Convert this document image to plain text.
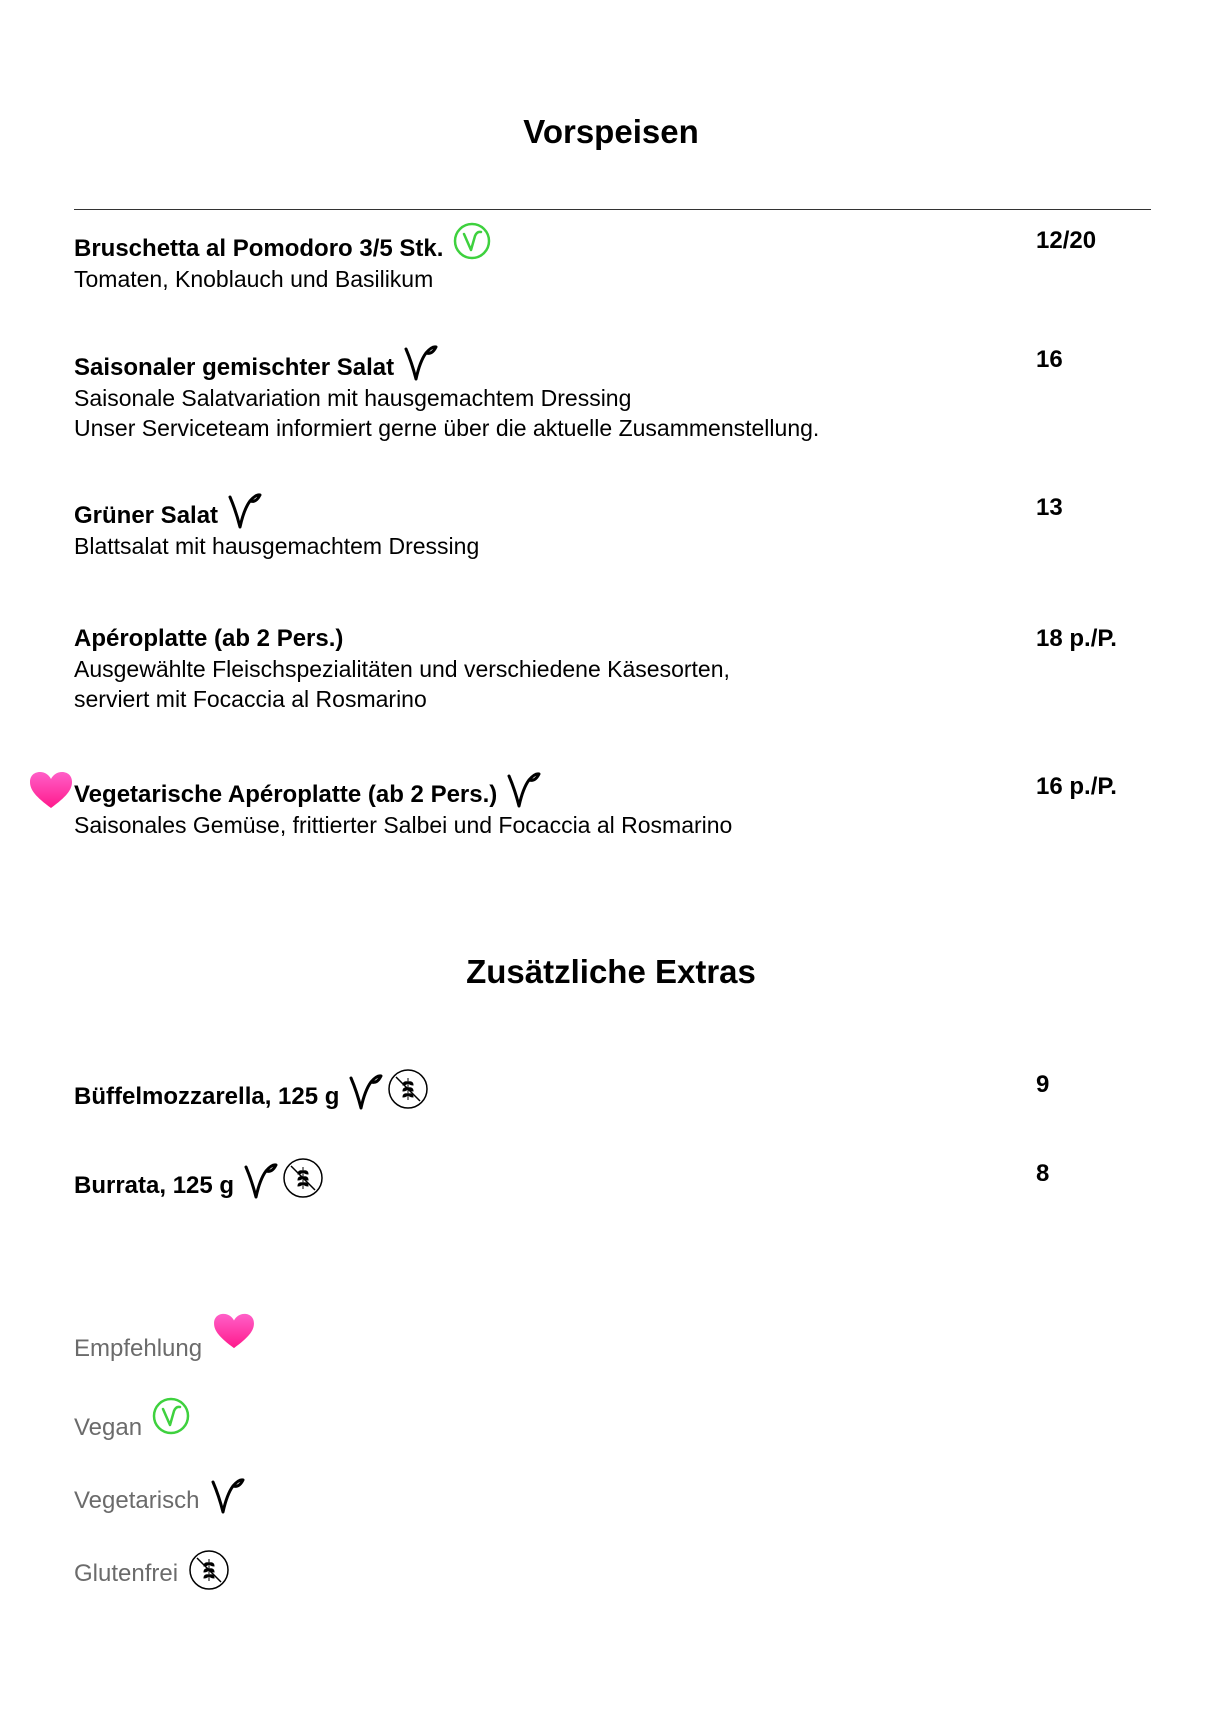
Vorspeisen
Bruschetta al Pomodoro 3/5 Stk.
Tomaten, Knoblauch und Basilikum
12/20
Saisonaler gemischter Salat
Saisonale Salatvariation mit hausgemachtem Dressing
Unser Serviceteam informiert gerne über die aktuelle Zusammenstellung.
16
Grüner Salat
Blattsalat mit hausgemachtem Dressing
13
Apéroplatte (ab 2 Pers.)
Ausgewählte Fleischspezialitäten und verschiedene Käsesorten,
serviert mit Focaccia al Rosmarino
18 p./P.
Vegetarische Apéroplatte (ab 2 Pers.)
Saisonales Gemüse, frittierter Salbei und Focaccia al Rosmarino
16 p./P.
Zusätzliche Extras
Büffelmozzarella, 125 g	9
Burrata, 125 g	8
Empfehlung
Vegan
Vegetarisch
Glutenfrei
